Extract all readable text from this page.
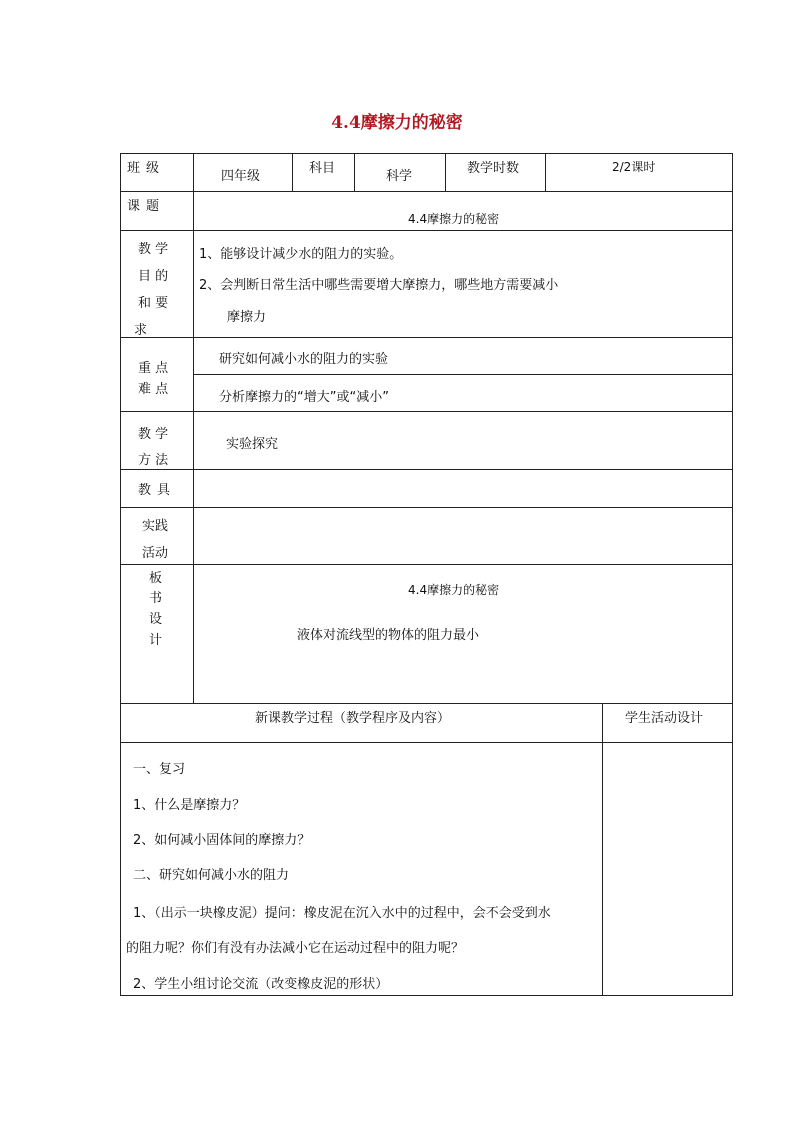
4.4摩擦力的秘密
班级
四年级
科目
科学
教学时数	2/2课时
课题
4.4摩擦力的秘密
教 学
目 的
和 要
求
1、能够设计减少水的阻力的实验。
2、会判断日常生活中哪些需要增大摩擦力，哪些地方需要减小
摩擦力
重 点
难 点
研究如何减小水的阻力的实验
分析摩擦力的“增大”或“减小”
教 学
方 法
实验探究
教具
实践
活动
板
书
设
计
4.4摩擦力的秘密
液体对流线型的物体的阻力最小
新课教学过程（教学程序及内容）	学生活动设计
一、复习
1、什么是摩擦力？
2、如何减小固体间的摩擦力？
二、研究如何减小水的阻力
1、（出示一块橡皮泥）提问：橡皮泥在沉入水中的过程中，会不会受到水
的阻力呢？你们有没有办法减小它在运动过程中的阻力呢？
2、学生小组讨论交流（改变橡皮泥的形状）
